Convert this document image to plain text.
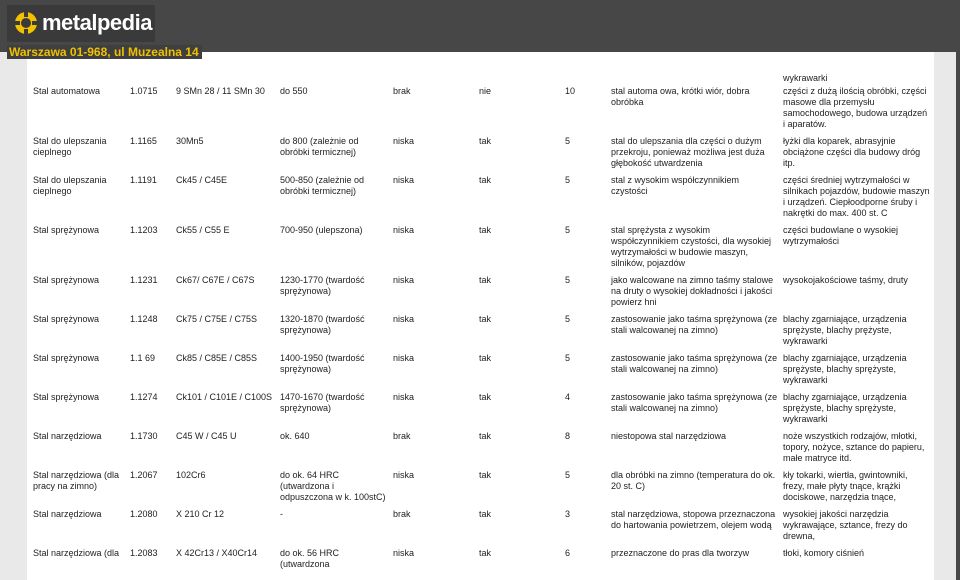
								wykrawarki
Stal automatowa	1.0715	9 SMn 28 / 11 SMn 30	do 550	brak	nie	10	stal automa owa, krótki wiór, dobra obróbka	części z dużą ilością obróbki, części masowe dla przemysłu samochodowego, budowa urządzeń i aparatów.
Stal do ulepszania cieplnego	1.1165	30Mn5	do 800 (zależnie od obróbki termicznej)	niska	tak	5	stal do ulepszania dla części o dużym przekroju, ponieważ możliwa jest duża głębokość utwardzenia	łyżki dla koparek, abrasyjnie obciążone części dla budowy dróg itp.
Stal do ulepszania cieplnego	1.1191	Ck45 / C45E	500-850 (zależnie od obróbki termicznej)	niska	tak	5	stal z wysokim współczynnikiem czystości	części średniej wytrzymałości w silnikach pojazdów, budowie maszyn i urządzeń. Ciepłoodporne śruby i nakrętki do max. 400 st. C
Stal sprężynowa	1.1203	Ck55 / C55 E	700-950 (ulepszona)	niska	tak	5	stal sprężysta z wysokim współczynnikiem czystości, dla wysokiej wytrzymałości w budowie maszyn, silników, pojazdów	części budowlane o wysokiej wytrzymałości
Stal sprężynowa	1.1231	Ck67/ C67E / C67S	1230-1770 (twardość sprężynowa)	niska	tak	5	jako walcowane na zimno taśmy stalowe na druty o wysokiej dokładności i jakości powierz hni	wysokojakościowe taśmy, druty
Stal sprężynowa	1.1248	Ck75 / C75E / C75S	1320-1870 (twardość sprężynowa)	niska	tak	5	zastosowanie jako taśma sprężynowa (ze stali walcowanej na zimno)	blachy zgarniające, urządzenia sprężyste, blachy prężyste, wykrawarki
Stal sprężynowa	1.1 69	Ck85 / C85E / C85S	1400-1950 (twardość sprężynowa)	niska	tak	5	zastosowanie jako taśma sprężynowa (ze stali walcowanej na zimno)	blachy zgarniające, urządzenia sprężyste, blachy sprężyste, wykrawarki
Stal sprężynowa	1.1274	Ck101 / C101E / C100S	1470-1670 (twardość sprężynowa)	niska	tak	4	zastosowanie jako taśma sprężynowa (ze stali walcowanej na zimno)	blachy zgarniające, urządzenia sprężyste, blachy sprężyste, wykrawarki
Stal narzędziowa	1.1730	C45 W / C45 U	ok. 640	brak	tak	8	niestopowa stal narzędziowa	noże wszystkich rodzajów, młotki, topory, nożyce, sztance do papieru, małe matryce itd.
Stal narzędziowa (dla pracy na zimno)	1.2067	102Cr6	do ok. 64 HRC (utwardzona i odpuszczona w k. 100stC)	niska	tak	5	dla obróbki na zimno (temperatura do ok. 20 st. C)	kły tokarki, wiertła, gwintowniki, frezy, małe płyty tnące, krążki dociskowe, narzędzia tnące,
Stal narzędziowa	1.2080	X 210 Cr 12	-	brak	tak	3	stal narzędziowa, stopowa przeznaczona do hartowania powietrzem, olejem wodą	wysokiej jakości narzędzia wykrawające, sztance, frezy do drewna,
Stal narzędziowa (dla	1.2083	X 42Cr13 / X40Cr14	do ok. 56 HRC (utwardzona	niska	tak	6	przeznaczone do pras dla tworzyw	tłoki, komory ciśnień
metalpedia
Warszawa 01-968, ul Muzealna 14
